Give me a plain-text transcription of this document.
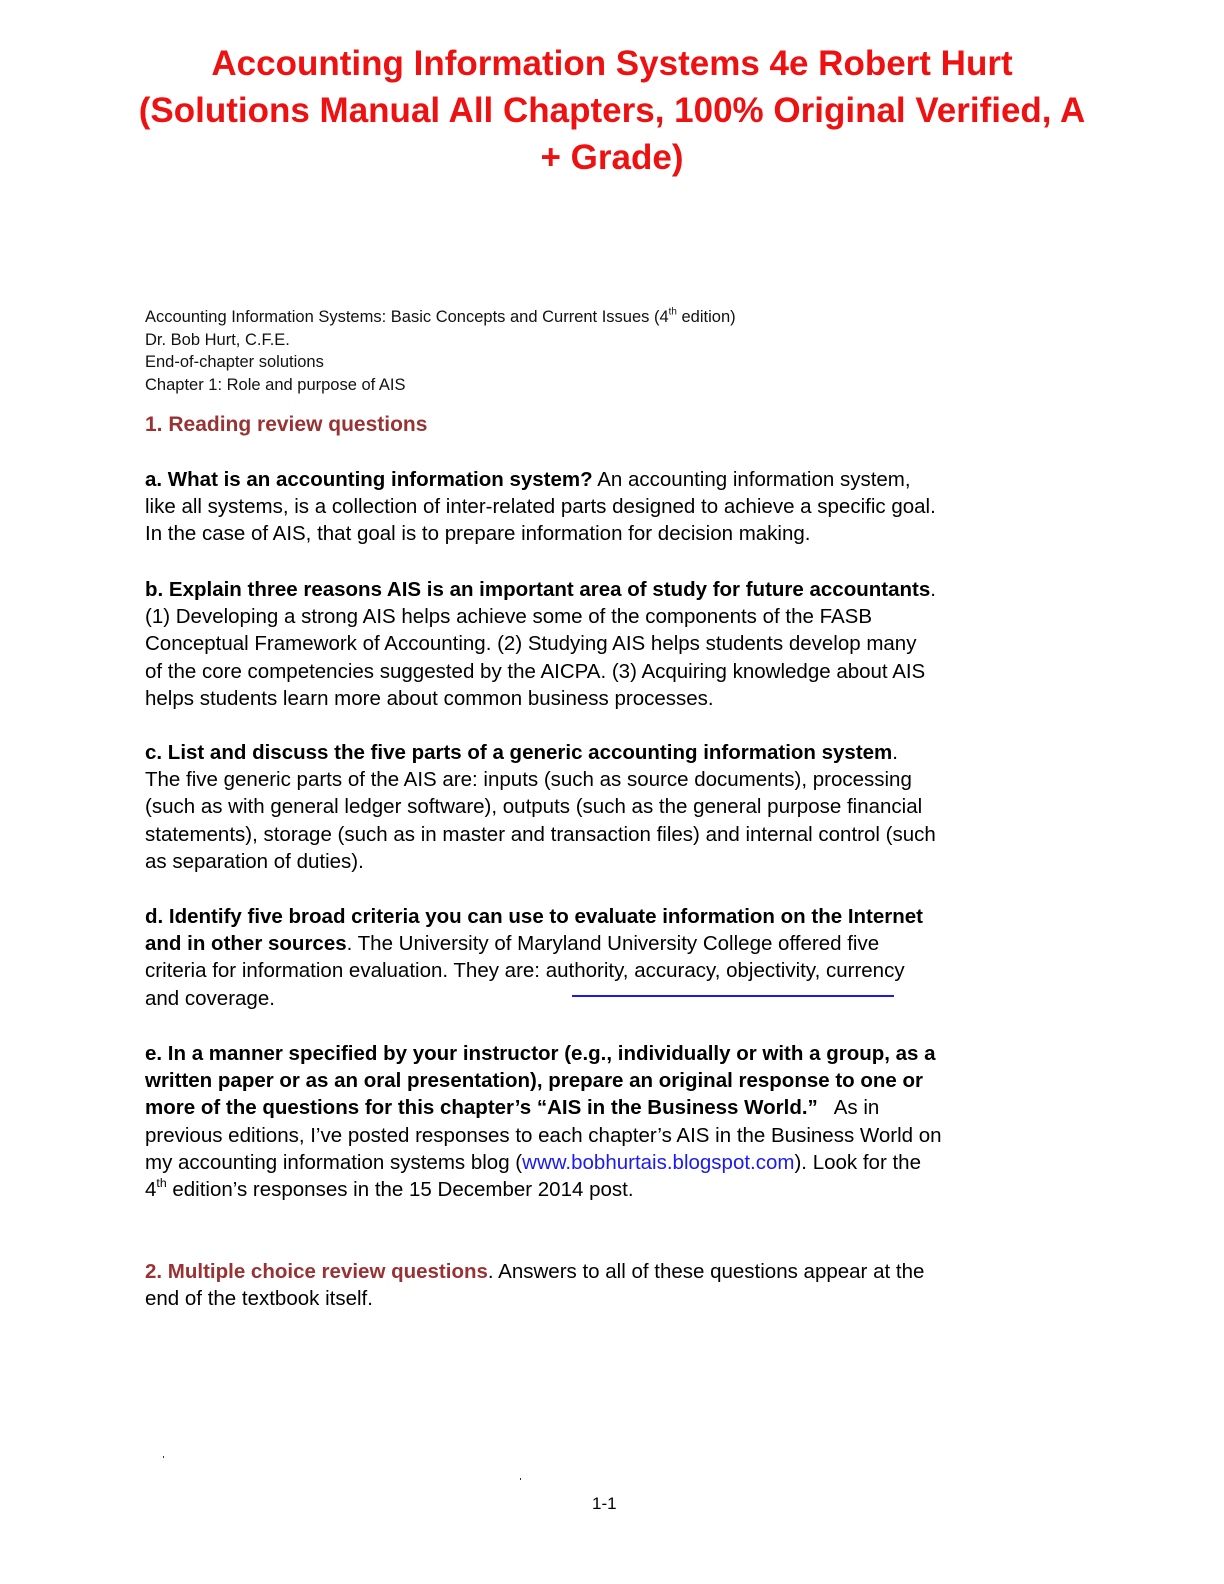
Accounting Information Systems 4e Robert Hurt
(Solutions Manual All Chapters, 100% Original Verified, A
+ Grade)
Accounting Information Systems: Basic Concepts and Current Issues (4th edition)
Dr. Bob Hurt, C.F.E.
End-of-chapter solutions
Chapter 1: Role and purpose of AIS
1. Reading review questions
a. What is an accounting information system? An accounting information system,
like all systems, is a collection of inter-related parts designed to achieve a specific goal.
In the case of AIS, that goal is to prepare information for decision making.
b. Explain three reasons AIS is an important area of study for future accountants.
(1) Developing a strong AIS helps achieve some of the components of the FASB
Conceptual Framework of Accounting. (2) Studying AIS helps students develop many
of the core competencies suggested by the AICPA. (3) Acquiring knowledge about AIS
helps students learn more about common business processes.
c. List and discuss the five parts of a generic accounting information system.
The five generic parts of the AIS are: inputs (such as source documents), processing
(such as with general ledger software), outputs (such as the general purpose financial
statements), storage (such as in master and transaction files) and internal control (such
as separation of duties).
d. Identify five broad criteria you can use to evaluate information on the Internet
and in other sources. The University of Maryland University College offered five
criteria for information evaluation. They are: authority, accuracy, objectivity, currency
and coverage.
e. In a manner specified by your instructor (e.g., individually or with a group, as a
written paper or as an oral presentation), prepare an original response to one or
more of the questions for this chapter’s “AIS in the Business World.”   As in
previous editions, I’ve posted responses to each chapter’s AIS in the Business World on
my accounting information systems blog (www.bobhurtais.blogspot.com). Look for the
4th edition’s responses in the 15 December 2014 post.
2. Multiple choice review questions. Answers to all of these questions appear at the
end of the textbook itself.
1-1
